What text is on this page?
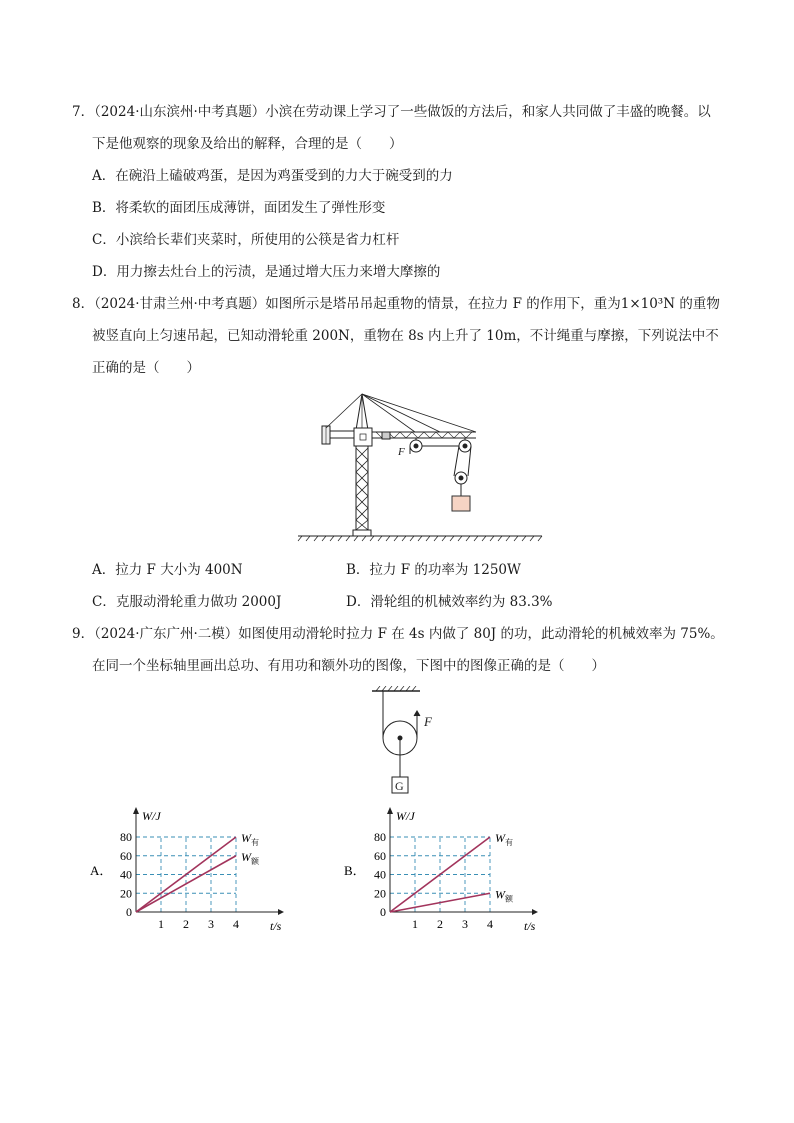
7．（2024·山东滨州·中考真题）小滨在劳动课上学习了一些做饭的方法后，和家人共同做了丰盛的晚餐。以
下是他观察的现象及给出的解释，合理的是（　　）
A．在碗沿上磕破鸡蛋，是因为鸡蛋受到的力大于碗受到的力
B．将柔软的面团压成薄饼，面团发生了弹性形变
C．小滨给长辈们夹菜时，所使用的公筷是省力杠杆
D．用力擦去灶台上的污渍，是通过增大压力来增大摩擦的
8．（2024·甘肃兰州·中考真题）如图所示是塔吊吊起重物的情景，在拉力 F 的作用下，重为1×10³N 的重物
被竖直向上匀速吊起，已知动滑轮重 200N，重物在 8s 内上升了 10m，不计绳重与摩擦，下列说法中不
正确的是（　　）
F
A．拉力 F 大小为 400N	B．拉力 F 的功率为 1250W
C．克服动滑轮重力做功 2000J	D．滑轮组的机械效率约为 83.3%
9．（2024·广东广州·二模）如图使用动滑轮时拉力 F 在 4s 内做了 80J 的功，此动滑轮的机械效率为 75%。
在同一个坐标轴里画出总功、有用功和额外功的图像，下图中的图像正确的是（　　）
F
G
A．
0
20
40
60
80
1 2 3 4
W/J
t/s
$W_有$
$W_额$
B．
0
20
40
60
80
1 2 3 4
W/J
t/s
$W_有$
$W_额$
